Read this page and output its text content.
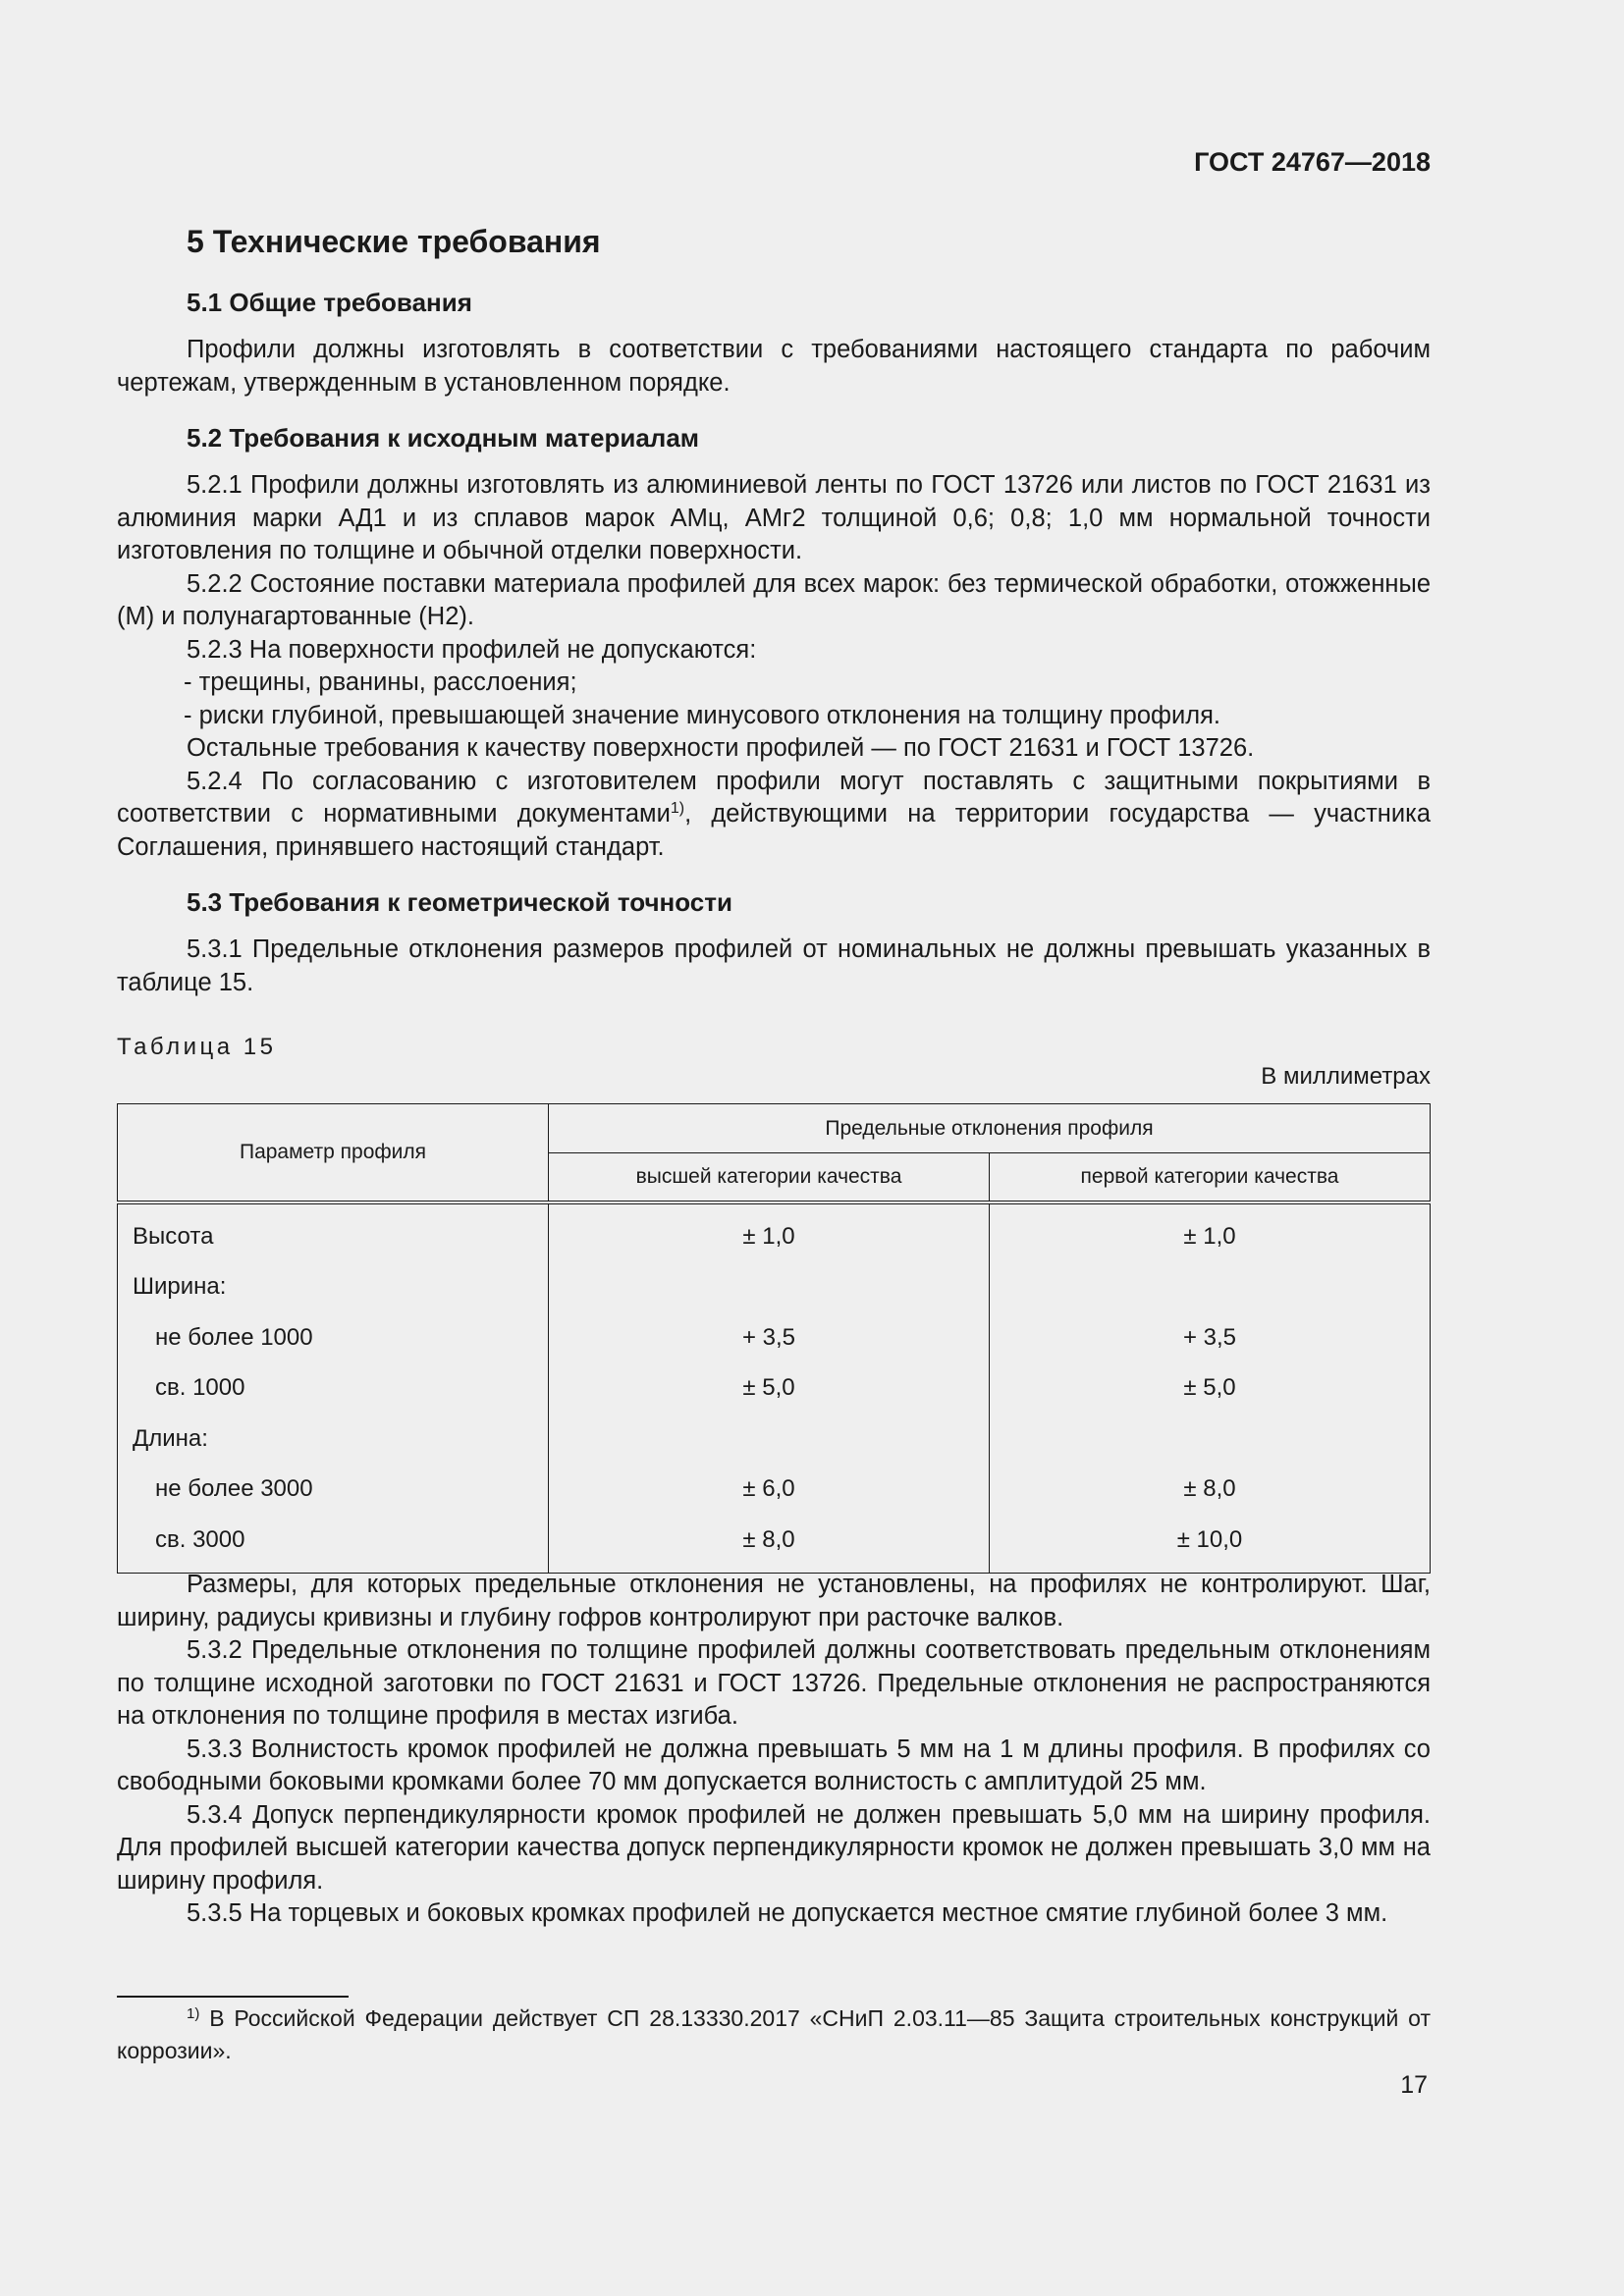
ГОСТ 24767—2018
5 Технические требования
5.1 Общие требования
Профили должны изготовлять в соответствии с требованиями настоящего стандарта по рабочим чертежам, утвержденным в установленном порядке.
5.2 Требования к исходным материалам
5.2.1 Профили должны изготовлять из алюминиевой ленты по ГОСТ 13726 или листов по ГОСТ 21631 из алюминия марки АД1 и из сплавов марок АМц, АМг2 толщиной 0,6; 0,8; 1,0 мм нормальной точности изготовления по толщине и обычной отделки поверхности.
5.2.2 Состояние поставки материала профилей для всех марок: без термической обработки, отожженные (М) и полунагартованные (Н2).
5.2.3 На поверхности профилей не допускаются:
- трещины, рванины, расслоения;
- риски глубиной, превышающей значение минусового отклонения на толщину профиля.
Остальные требования к качеству поверхности профилей — по ГОСТ 21631 и ГОСТ 13726.
5.2.4 По согласованию с изготовителем профили могут поставлять с защитными покрытиями в соответствии с нормативными документами$^{1)}$, действующими на территории государства — участника Соглашения, принявшего настоящий стандарт.
5.3 Требования к геометрической точности
5.3.1 Предельные отклонения размеров профилей от номинальных не должны превышать указанных в таблице 15.
Таблица 15
В миллиметрах
Параметр профиля	Предельные отклонения профиля	
	высшей категории качества	первой категории качества
Высота	± 1,0	± 1,0
Ширина:		
не более 1000	+ 3,5	+ 3,5
св. 1000	± 5,0	± 5,0
Длина:		
не более 3000	± 6,0	± 8,0
св. 3000	± 8,0	± 10,0
Размеры, для которых предельные отклонения не установлены, на профилях не контролируют. Шаг, ширину, радиусы кривизны и глубину гофров контролируют при расточке валков.
5.3.2 Предельные отклонения по толщине профилей должны соответствовать предельным отклонениям по толщине исходной заготовки по ГОСТ 21631 и ГОСТ 13726. Предельные отклонения не распространяются на отклонения по толщине профиля в местах изгиба.
5.3.3 Волнистость кромок профилей не должна превышать 5 мм на 1 м длины профиля. В профилях со свободными боковыми кромками более 70 мм допускается волнистость с амплитудой 25 мм.
5.3.4 Допуск перпендикулярности кромок профилей не должен превышать 5,0 мм на ширину профиля. Для профилей высшей категории качества допуск перпендикулярности кромок не должен превышать 3,0 мм на ширину профиля.
5.3.5 На торцевых и боковых кромках профилей не допускается местное смятие глубиной более 3 мм.
$^{1)}$ В Российской Федерации действует СП 28.13330.2017 «СНиП 2.03.11—85 Защита строительных конструкций от коррозии».
17
